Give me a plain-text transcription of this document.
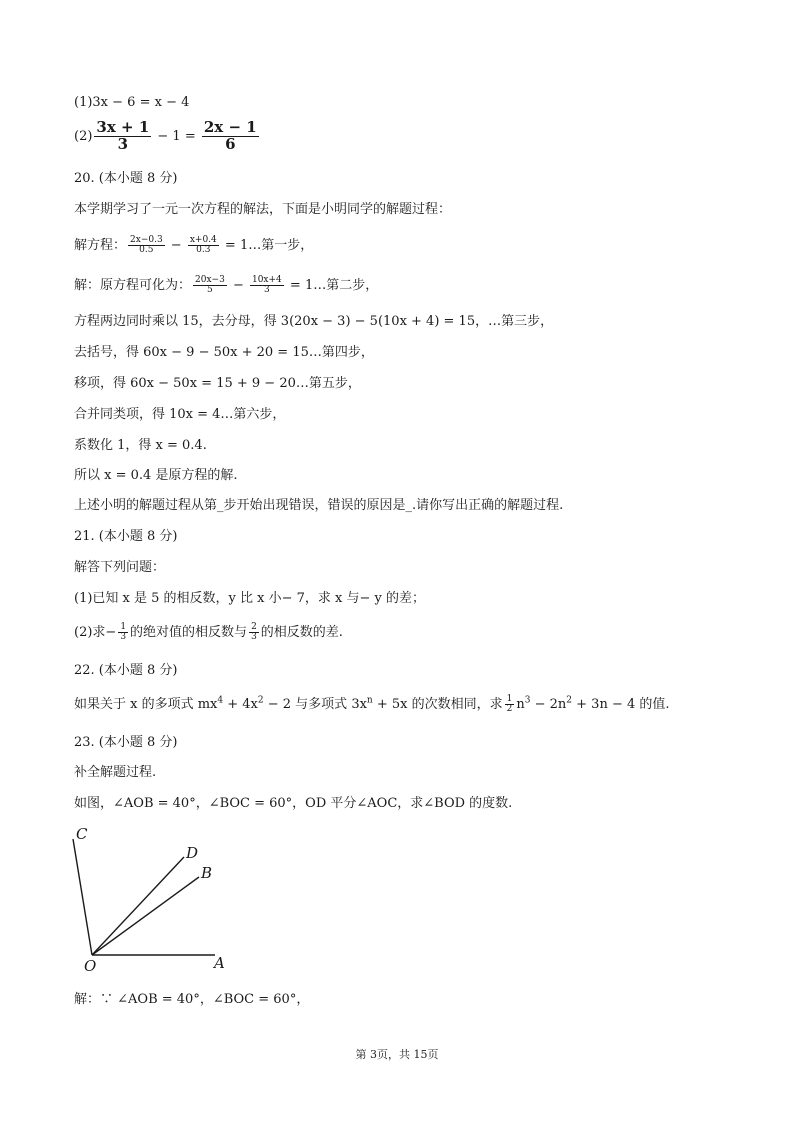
(1)3x − 6 = x − 4
$(2) \frac{3x + 1}{3} - 1 = \frac{2x - 1}{6}$
20. (本小题 8 分)
本学期学习了一元一次方程的解法，下面是小明同学的解题过程：
解方程： $\frac{2x-0.3}{0.5} - \frac{x+0.4}{0.3}$ = 1…第一步，
解：原方程可化为： $\frac{20x-3}{5} - \frac{10x+4}{3}$ = 1…第二步，
方程两边同时乘以 15，去分母，得 3(20x − 3) − 5(10x + 4) = 15，…第三步，
去括号，得 60x − 9 − 50x + 20 = 15…第四步，
移项，得 60x − 50x = 15 + 9 − 20…第五步，
合并同类项，得 10x = 4…第六步，
系数化 1，得 x = 0.4.
所以 x = 0.4 是原方程的解.
上述小明的解题过程从第_步开始出现错误，错误的原因是_.请你写出正确的解题过程.
21. (本小题 8 分)
解答下列问题：
(1)已知 x 是 5 的相反数，y 比 x 小− 7，求 x 与− y 的差；
(2)求− $\frac{1}{3}$ 的绝对值的相反数与 $\frac{2}{3}$ 的相反数的差.
22. (本小题 8 分)
如果关于 x 的多项式 $mx^4 + 4x^2 - 2$ 与多项式 $3x^n + 5x$ 的次数相同，求 $\frac{1}{2} n^3 - 2n^2 + 3n - 4$ 的值.
23. (本小题 8 分)
补全解题过程.
如图，∠AOB = 40°，∠BOC = 60°，OD 平分∠AOC，求∠BOD 的度数.
C
D
B
O	A
解：∵ ∠AOB = 40°，∠BOC = 60°，
第 3页，共 15页
